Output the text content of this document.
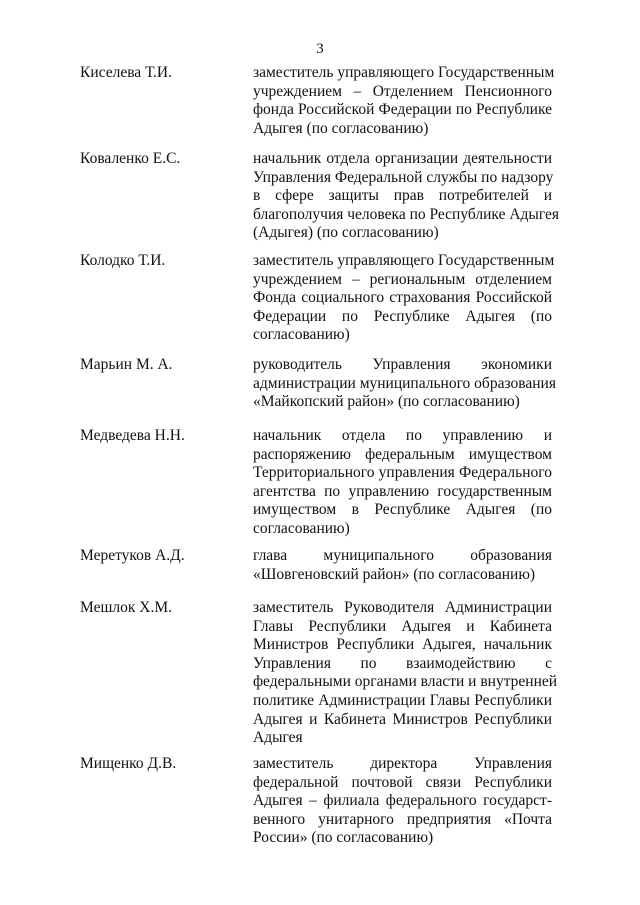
3
Киселева Т.И.	заместитель управляющего Государственным
учреждением – Отделением Пенсионного
фонда Российской Федерации по Республике
Адыгея (по согласованию)
Коваленко Е.С.	начальник отдела организации деятельности
Управления Федеральной службы по надзору
в сфере защиты прав потребителей и
благополучия человека по Республике Адыгея
(Адыгея) (по согласованию)
Колодко Т.И.	заместитель управляющего Государственным
учреждением – региональным отделением
Фонда социального страхования Российской
Федерации по Республике Адыгея (по
согласованию)
Марьин М. А.	руководитель Управления экономики
администрации муниципального образования
«Майкопский район» (по согласованию)
Медведева Н.Н.	начальник отдела по управлению и
распоряжению федеральным имуществом
Территориального управления Федерального
агентства по управлению государственным
имуществом в Республике Адыгея (по
согласованию)
Меретуков А.Д.	глава муниципального образования
«Шовгеновский район» (по согласованию)
Мешлок Х.М.	заместитель Руководителя Администрации
Главы Республики Адыгея и Кабинета
Министров Республики Адыгея, начальник
Управления по взаимодействию с
федеральными органами власти и внутренней
политике Администрации Главы Республики
Адыгея и Кабинета Министров Республики
Адыгея
Мищенко Д.В.	заместитель директора Управления
федеральной почтовой связи Республики
Адыгея – филиала федерального государст-
венного унитарного предприятия «Почта
России» (по согласованию)
